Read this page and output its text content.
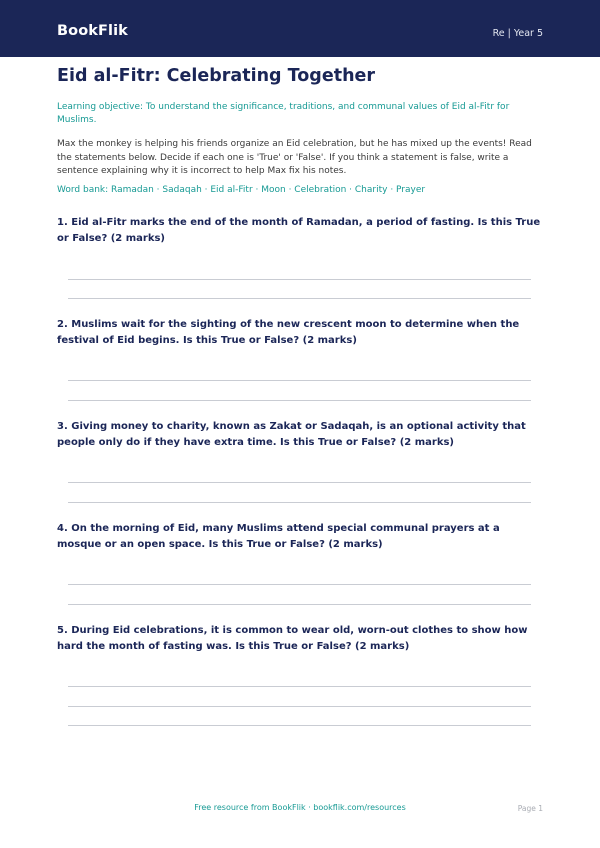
BookFlik	Re | Year 5
Eid al-Fitr: Celebrating Together

Learning objective: To understand the significance, traditions, and communal values of Eid al-Fitr for Muslims.

Max the monkey is helping his friends organize an Eid celebration, but he has mixed up the events! Read the statements below. Decide if each one is 'True' or 'False'. If you think a statement is false, write a sentence explaining why it is incorrect to help Max fix his notes.

Word bank: Ramadan · Sadaqah · Eid al-Fitr · Moon · Celebration · Charity · Prayer

1. Eid al-Fitr marks the end of the month of Ramadan, a period of fasting. Is this True or False? (2 marks)

2. Muslims wait for the sighting of the new crescent moon to determine when the festival of Eid begins. Is this True or False? (2 marks)

3. Giving money to charity, known as Zakat or Sadaqah, is an optional activity that people only do if they have extra time. Is this True or False? (2 marks)

4. On the morning of Eid, many Muslims attend special communal prayers at a mosque or an open space. Is this True or False? (2 marks)

5. During Eid celebrations, it is common to wear old, worn-out clothes to show how hard the month of fasting was. Is this True or False? (2 marks)

Free resource from BookFlik · bookflik.com/resources	Page 1
